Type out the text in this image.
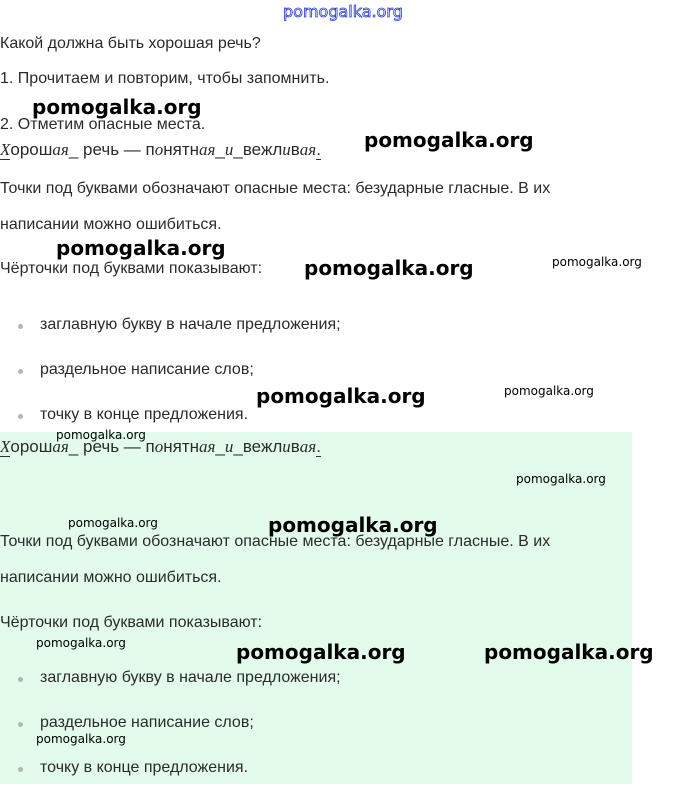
pomogalka.org

Какой должна быть хорошая речь?

1. Прочитаем и повторим, чтобы запомнить.

2. Отметим опасные места.

Хорошая_ речь — понятная_и_вежливая.

Точки под буквами обозначают опасные места: безударные гласные. В их

написании можно ошибиться.

Чёрточки под буквами показывают:

заглавную букву в начале предложения;
раздельное написание слов;
точку в конце предложения.
Хорошая_ речь — понятная_и_вежливая.

Точки под буквами обозначают опасные места: безударные гласные. В их

написании можно ошибиться.

Чёрточки под буквами показывают:

заглавную букву в начале предложения;
раздельное написание слов;
точку в конце предложения.
pomogalka.org
pomogalka.org
pomogalka.org
pomogalka.org	pomogalka.org
pomogalka.org	pomogalka.org
pomogalka.org
pomogalka.org
pomogalka.org	pomogalka.org
pomogalka.org	pomogalka.org	pomogalka.org
pomogalka.org
